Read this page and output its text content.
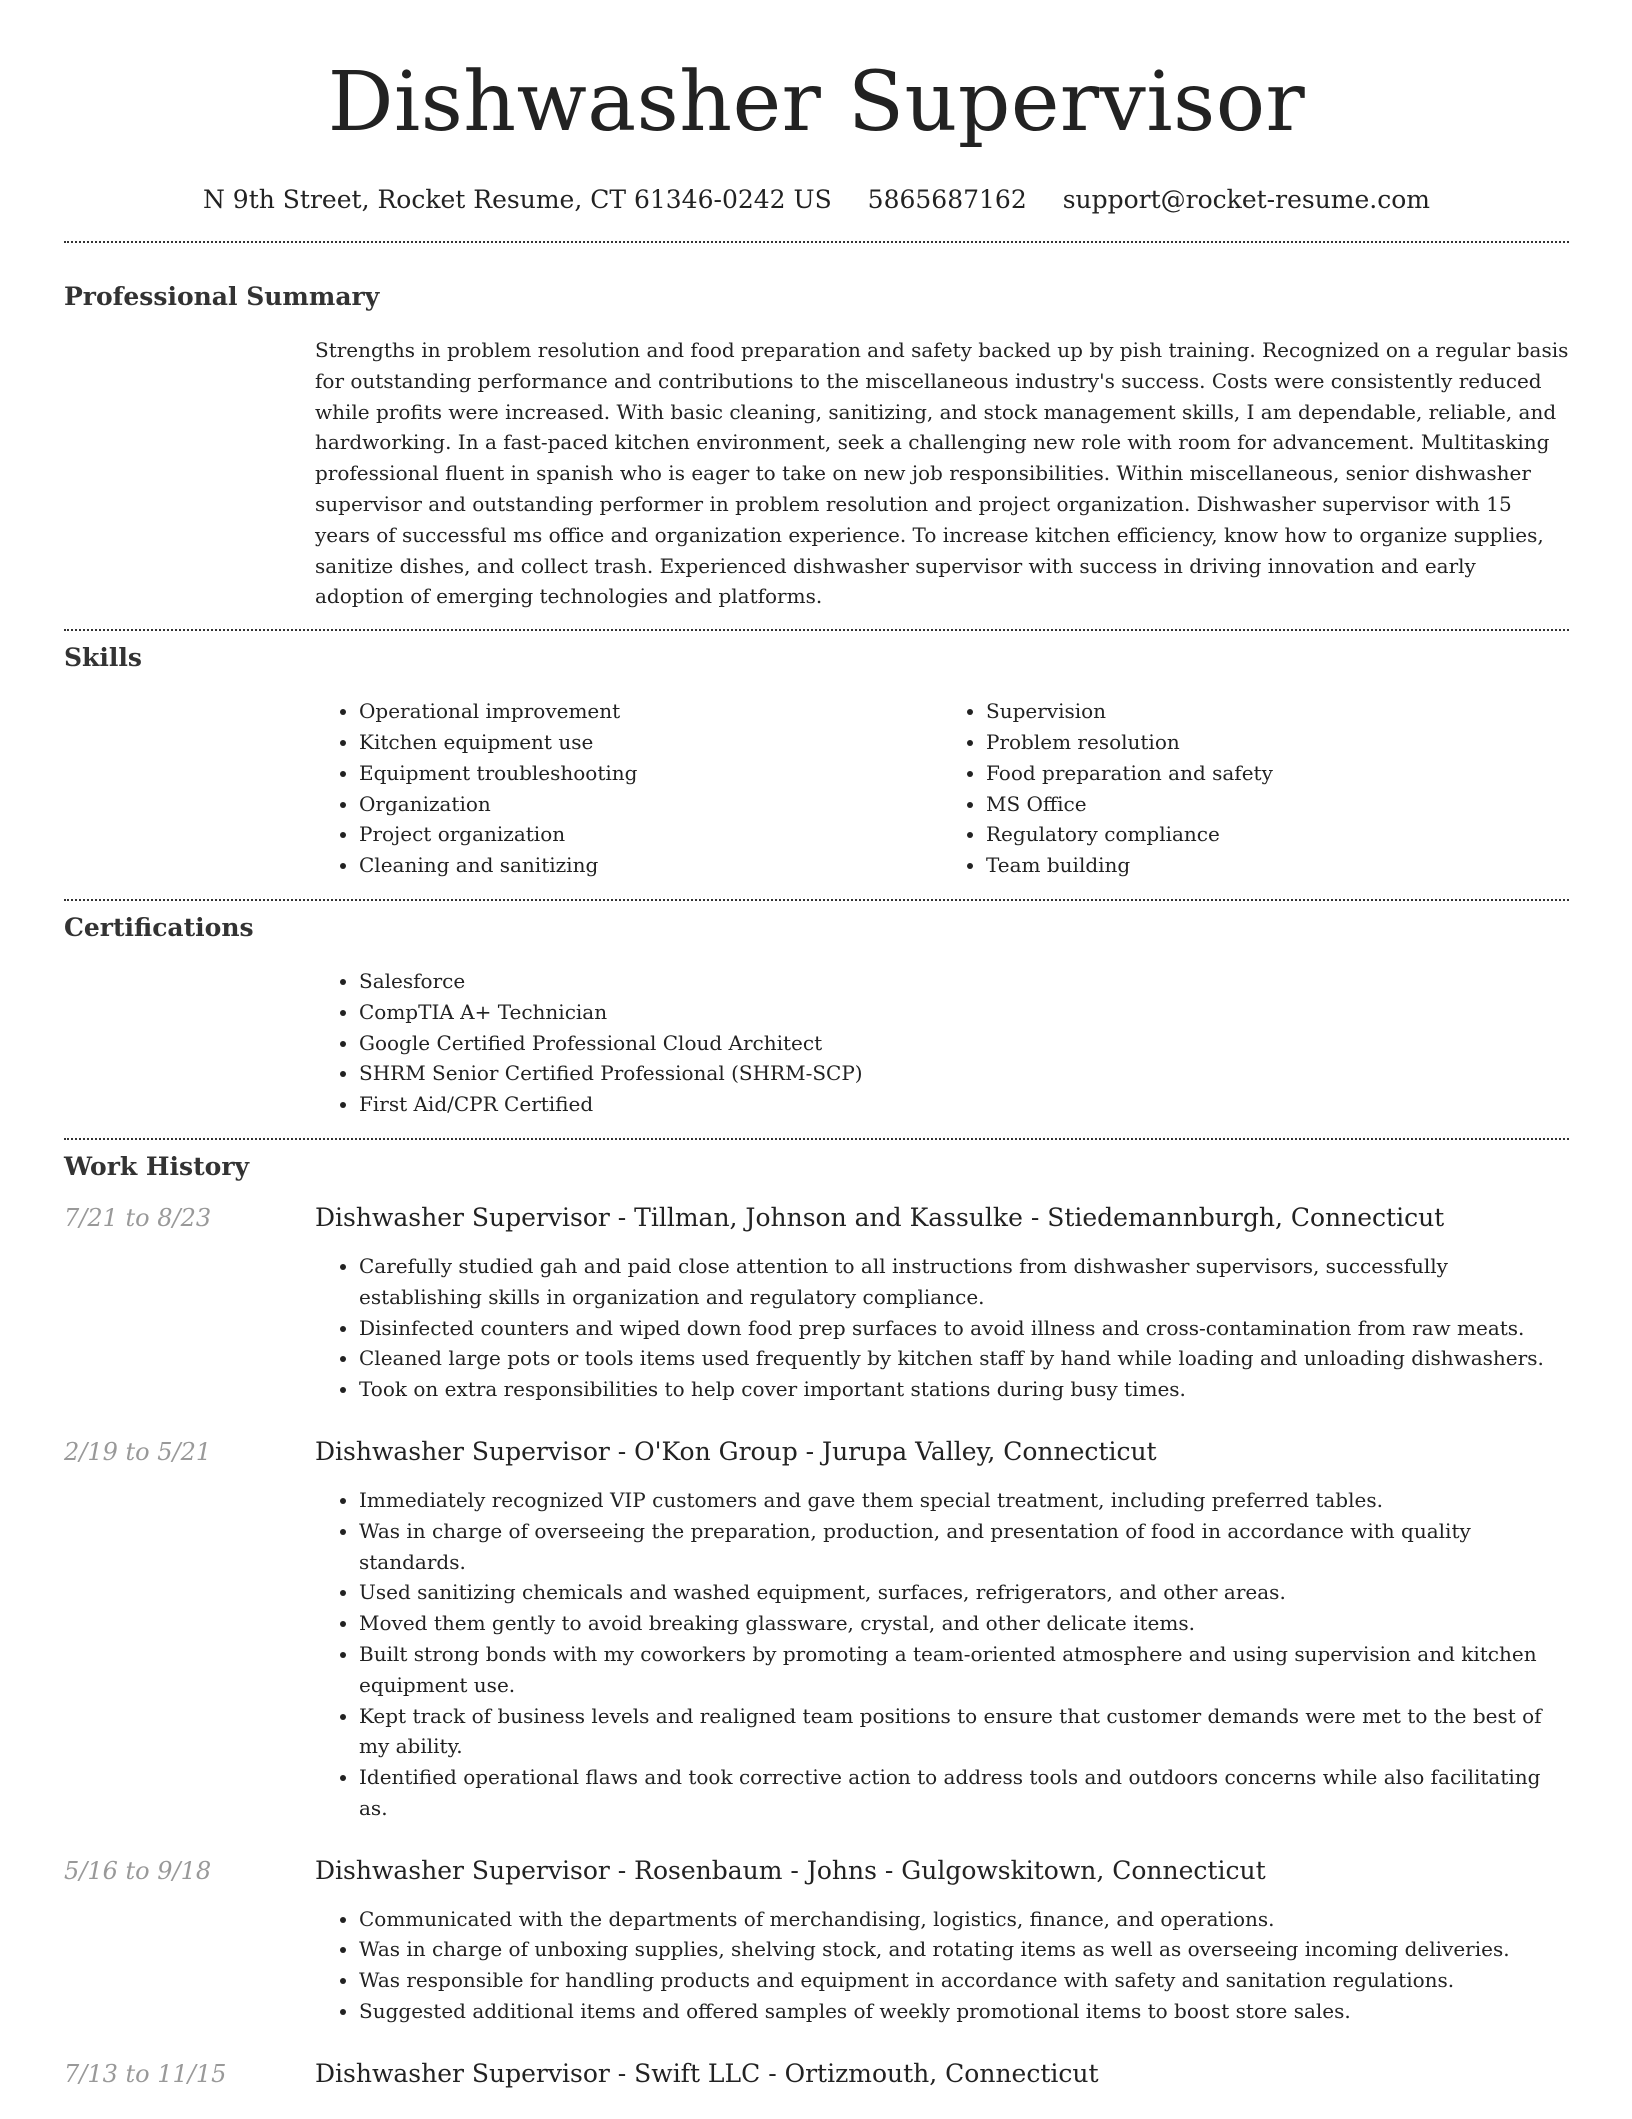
Dishwasher Supervisor
N 9th Street, Rocket Resume, CT 61346-0242 US 5865687162 support@rocket-resume.com
Professional Summary

Strengths in problem resolution and food preparation and safety backed up by pish training. Recognized on a regular basis for outstanding performance and contributions to the miscellaneous industry's success. Costs were consistently reduced while profits were increased. With basic cleaning, sanitizing, and stock management skills, I am dependable, reliable, and hardworking. In a fast-paced kitchen environment, seek a challenging new role with room for advancement. Multitasking professional fluent in spanish who is eager to take on new job responsibilities. Within miscellaneous, senior dishwasher supervisor and outstanding performer in problem resolution and project organization. Dishwasher supervisor with 15 years of successful ms office and organization experience. To increase kitchen efficiency, know how to organize supplies, sanitize dishes, and collect trash. Experienced dishwasher supervisor with success in driving innovation and early adoption of emerging technologies and platforms.

Skills
• Operational improvement
• Kitchen equipment use
• Equipment troubleshooting
• Organization
• Project organization
• Cleaning and sanitizing
• Supervision
• Problem resolution
• Food preparation and safety
• MS Office
• Regulatory compliance
• Team building
Certifications
• Salesforce
• CompTIA A+ Technician
• Google Certified Professional Cloud Architect
• SHRM Senior Certified Professional (SHRM-SCP)
• First Aid/CPR Certified
Work History
7/21 to 8/23	Dishwasher Supervisor - Tillman, Johnson and Kassulke - Stiedemannburgh, Connecticut
• Carefully studied gah and paid close attention to all instructions from dishwasher supervisors, successfully establishing skills in organization and regulatory compliance.
• Disinfected counters and wiped down food prep surfaces to avoid illness and cross-contamination from raw meats.
• Cleaned large pots or tools items used frequently by kitchen staff by hand while loading and unloading dishwashers.
• Took on extra responsibilities to help cover important stations during busy times.
2/19 to 5/21	Dishwasher Supervisor - O'Kon Group - Jurupa Valley, Connecticut
• Immediately recognized VIP customers and gave them special treatment, including preferred tables.
• Was in charge of overseeing the preparation, production, and presentation of food in accordance with quality standards.
• Used sanitizing chemicals and washed equipment, surfaces, refrigerators, and other areas.
• Moved them gently to avoid breaking glassware, crystal, and other delicate items.
• Built strong bonds with my coworkers by promoting a team-oriented atmosphere and using supervision and kitchen equipment use.
• Kept track of business levels and realigned team positions to ensure that customer demands were met to the best of my ability.
• Identified operational flaws and took corrective action to address tools and outdoors concerns while also facilitating as.
5/16 to 9/18	Dishwasher Supervisor - Rosenbaum - Johns - Gulgowskitown, Connecticut
• Communicated with the departments of merchandising, logistics, finance, and operations.
• Was in charge of unboxing supplies, shelving stock, and rotating items as well as overseeing incoming deliveries.
• Was responsible for handling products and equipment in accordance with safety and sanitation regulations.
• Suggested additional items and offered samples of weekly promotional items to boost store sales.
7/13 to 11/15	Dishwasher Supervisor - Swift LLC - Ortizmouth, Connecticut
